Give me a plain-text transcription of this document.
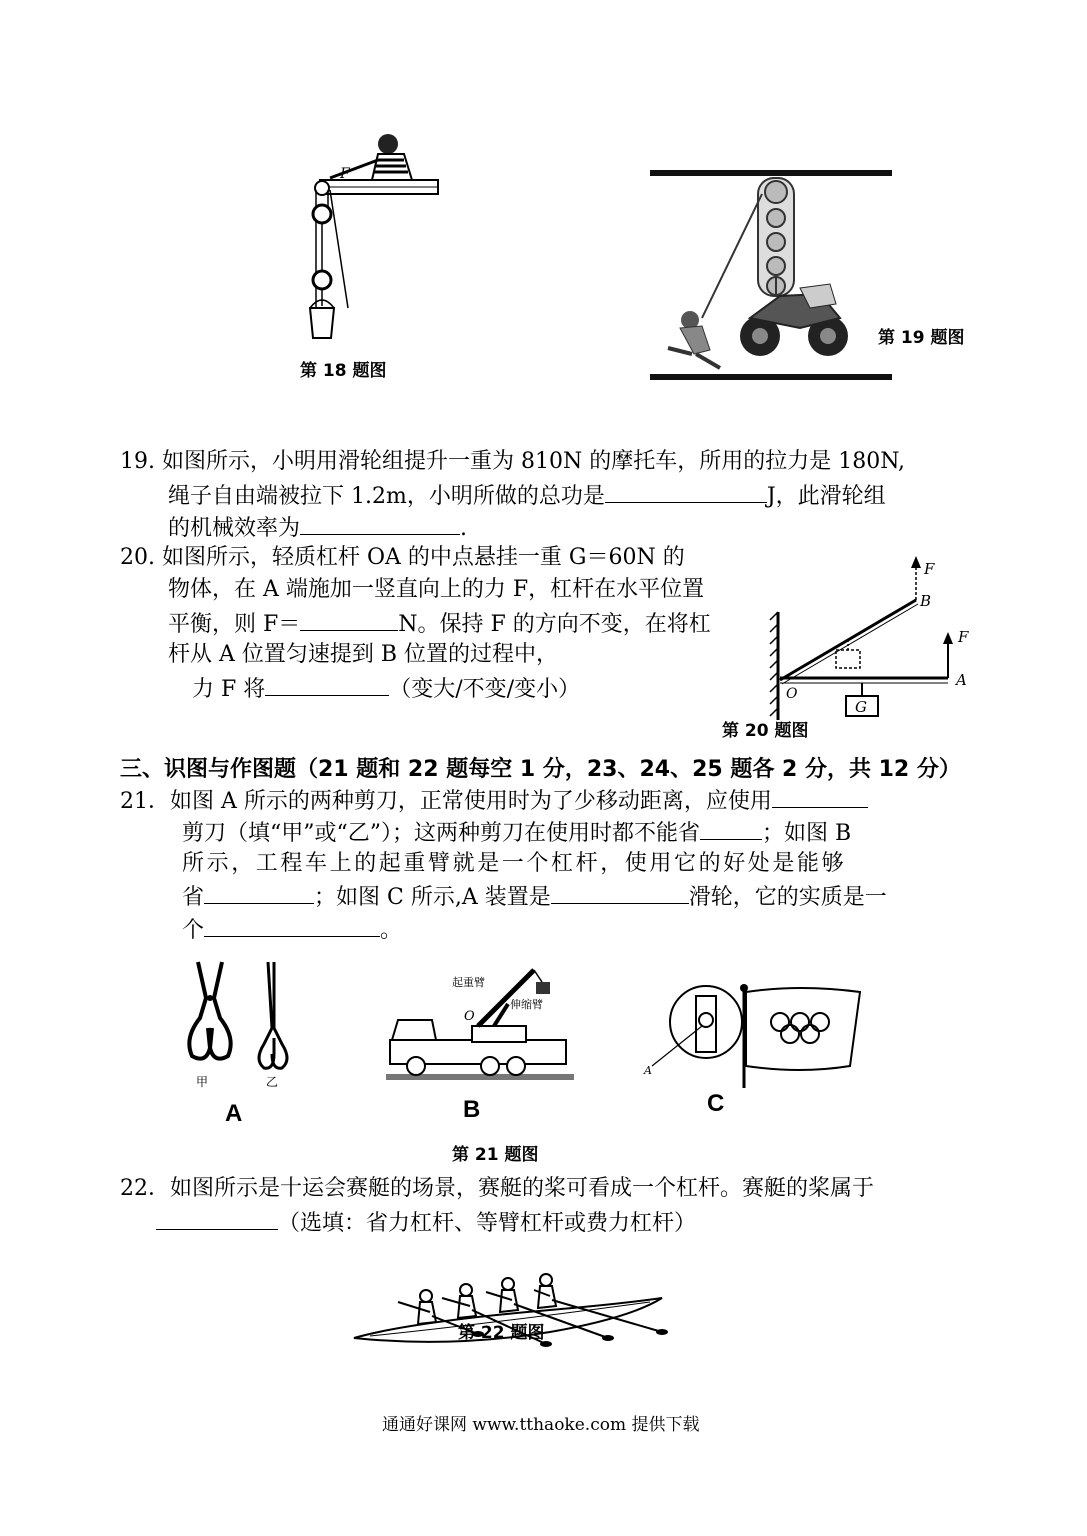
F
第 18 题图
第 19 题图
19. 如图所示，小明用滑轮组提升一重为 810N 的摩托车，所用的拉力是 180N,
绳子自由端被拉下 1.2m，小明所做的总功是	J，此滑轮组
的机械效率为	.
20. 如图所示，轻质杠杆 OA 的中点悬挂一重 G＝60N 的
物体，在 A 端施加一竖直向上的力 F，杠杆在水平位置
平衡，则 F＝	N。保持 F 的方向不变，在将杠
杆从 A 位置匀速提到 B 位置的过程中，
力 F 将	（变大/不变/变小）
G
F
B
F
O
A
第 20 题图
三、识图与作图题（21 题和 22 题每空 1 分，23、24、25 题各 2 分，共 12 分）
21．如图 A 所示的两种剪刀，正常使用时为了少移动距离，应使用
剪刀（填“甲”或“乙”）；这两种剪刀在使用时都不能省	；如图 B
所示，工程车上的起重臂就是一个杠杆，使用它的好处是能够
省	；如图 C 所示,A 装置是	滑轮，它的实质是一
个	。
甲	乙
A
O
起重臂
伸缩臂
B
A
C
第 21 题图
22．如图所示是十运会赛艇的场景，赛艇的桨可看成一个杠杆。赛艇的桨属于
（选填：省力杠杆、等臂杠杆或费力杠杆）
第 22 题图
通通好课网 www.tthaoke.com 提供下载
